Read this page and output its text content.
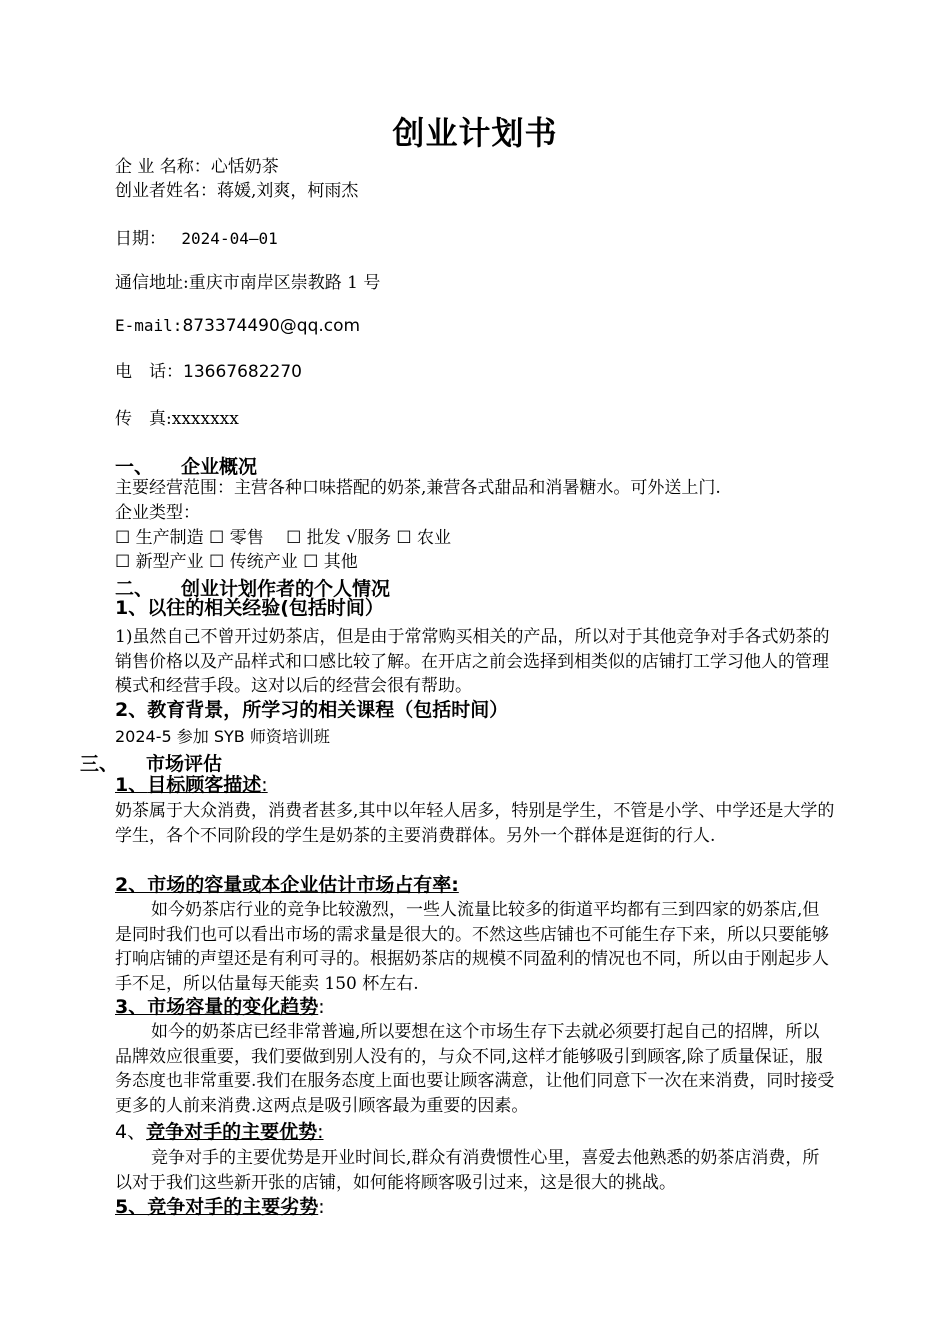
创业计划书
企 业 名称：心恬奶茶
创业者姓名：蒋媛,刘爽，柯雨杰
日期： 2024-04—01
通信地址:重庆市南岸区崇教路 1 号
E-mail:873374490@qq.com
电　话：13667682270
传　真:xxxxxxx
一、 企业概况
主要经营范围：主营各种口味搭配的奶茶,兼营各式甜品和消暑糖水。可外送上门.
企业类型：
☐ 生产制造 ☐ 零售　 ☐ 批发 √服务 ☐ 农业
☐ 新型产业 ☐ 传统产业 ☐ 其他
二、 创业计划作者的个人情况
1、以往的相关经验(包括时间）
1)虽然自己不曾开过奶茶店，但是由于常常购买相关的产品，所以对于其他竞争对手各式奶茶的销售价格以及产品样式和口感比较了解。在开店之前会选择到相类似的店铺打工学习他人的管理模式和经营手段。这对以后的经营会很有帮助。
2、教育背景，所学习的相关课程（包括时间）
2024-5 参加 SYB 师资培训班
三、 市场评估
1、目标顾客描述:
奶茶属于大众消费，消费者甚多,其中以年轻人居多，特别是学生，不管是小学、中学还是大学的学生，各个不同阶段的学生是奶茶的主要消费群体。另外一个群体是逛街的行人.
2、市场的容量或本企业估计市场占有率:
如今奶茶店行业的竞争比较激烈，一些人流量比较多的街道平均都有三到四家的奶茶店,但是同时我们也可以看出市场的需求量是很大的。不然这些店铺也不可能生存下来，所以只要能够打响店铺的声望还是有利可寻的。根据奶茶店的规模不同盈利的情况也不同，所以由于刚起步人手不足，所以估量每天能卖 150 杯左右.
3、市场容量的变化趋势:
如今的奶茶店已经非常普遍,所以要想在这个市场生存下去就必须要打起自己的招牌，所以品牌效应很重要，我们要做到别人没有的，与众不同,这样才能够吸引到顾客,除了质量保证，服务态度也非常重要.我们在服务态度上面也要让顾客满意，让他们同意下一次在来消费，同时接受更多的人前来消费.这两点是吸引顾客最为重要的因素。
4、竞争对手的主要优势:
竞争对手的主要优势是开业时间长,群众有消费惯性心里，喜爱去他熟悉的奶茶店消费，所以对于我们这些新开张的店铺，如何能将顾客吸引过来，这是很大的挑战。
5、竞争对手的主要劣势:
